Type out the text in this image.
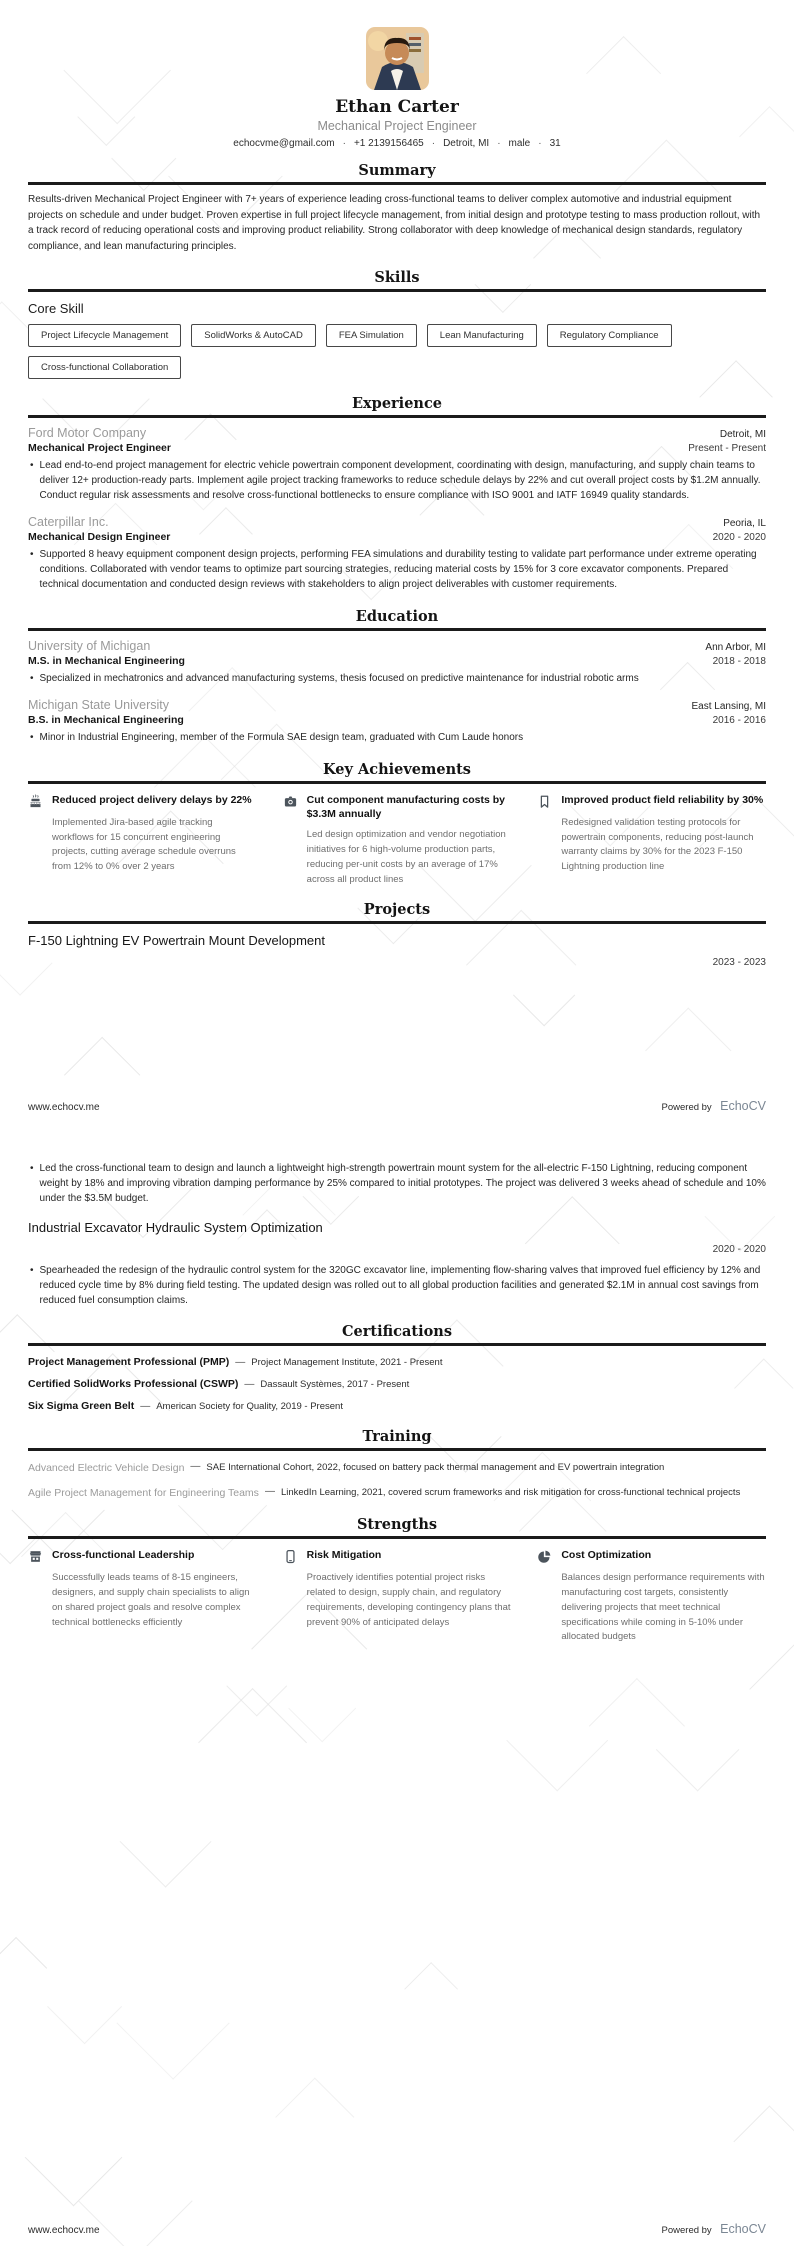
Ethan Carter
Mechanical Project Engineer
echocvme@gmail.com · +1 2139156465 · Detroit, MI · male · 31
Summary

Results-driven Mechanical Project Engineer with 7+ years of experience leading cross-functional teams to deliver complex automotive and industrial equipment projects on schedule and under budget. Proven expertise in full project lifecycle management, from initial design and prototype testing to mass production rollout, with a track record of reducing operational costs and improving product reliability. Strong collaborator with deep knowledge of mechanical design standards, regulatory compliance, and lean manufacturing principles.

Skills
Core Skill
Project Lifecycle Management	SolidWorks & AutoCAD	FEA Simulation	Lean Manufacturing	Regulatory Compliance
Cross-functional Collaboration
Experience
Ford Motor Company	Detroit, MI
Mechanical Project Engineer	Present - Present
• Lead end-to-end project management for electric vehicle powertrain component development, coordinating with design, manufacturing, and supply chain teams to deliver 12+ production-ready parts. Implement agile project tracking frameworks to reduce schedule delays by 22% and cut overall project costs by $1.2M annually. Conduct regular risk assessments and resolve cross-functional bottlenecks to ensure compliance with ISO 9001 and IATF 16949 quality standards.
Caterpillar Inc.	Peoria, IL
Mechanical Design Engineer	2020 - 2020
• Supported 8 heavy equipment component design projects, performing FEA simulations and durability testing to validate part performance under extreme operating conditions. Collaborated with vendor teams to optimize part sourcing strategies, reducing material costs by 15% for 3 core excavator components. Prepared technical documentation and conducted design reviews with stakeholders to align project deliverables with customer requirements.
Education
University of Michigan	Ann Arbor, MI
M.S. in Mechanical Engineering	2018 - 2018
• Specialized in mechatronics and advanced manufacturing systems, thesis focused on predictive maintenance for industrial robotic arms
Michigan State University	East Lansing, MI
B.S. in Mechanical Engineering	2016 - 2016
• Minor in Industrial Engineering, member of the Formula SAE design team, graduated with Cum Laude honors
Key Achievements
Reduced project delivery delays by 22%
Implemented Jira-based agile tracking workflows for 15 concurrent engineering projects, cutting average schedule overruns from 12% to 0% over 2 years
Cut component manufacturing costs by $3.3M annually
Led design optimization and vendor negotiation initiatives for 6 high-volume production parts, reducing per-unit costs by an average of 17% across all product lines
Improved product field reliability by 30%
Redesigned validation testing protocols for powertrain components, reducing post-launch warranty claims by 30% for the 2023 F-150 Lightning production line
Projects
F-150 Lightning EV Powertrain Mount Development
2023 - 2023
www.echocv.me	Powered by EchoCV
• Led the cross-functional team to design and launch a lightweight high-strength powertrain mount system for the all-electric F-150 Lightning, reducing component weight by 18% and improving vibration damping performance by 25% compared to initial prototypes. The project was delivered 3 weeks ahead of schedule and 10% under the $3.5M budget.
Industrial Excavator Hydraulic System Optimization
2020 - 2020
• Spearheaded the redesign of the hydraulic control system for the 320GC excavator line, implementing flow-sharing valves that improved fuel efficiency by 12% and reduced cycle time by 8% during field testing. The updated design was rolled out to all global production facilities and generated $2.1M in annual cost savings from reduced fuel consumption claims.
Certifications
Project Management Professional (PMP) — Project Management Institute, 2021 - Present
Certified SolidWorks Professional (CSWP) — Dassault Systèmes, 2017 - Present
Six Sigma Green Belt — American Society for Quality, 2019 - Present
Training
Advanced Electric Vehicle Design — SAE International Cohort, 2022, focused on battery pack thermal management and EV powertrain integration
Agile Project Management for Engineering Teams — LinkedIn Learning, 2021, covered scrum frameworks and risk mitigation for cross-functional technical projects
Strengths
Cross-functional Leadership
Successfully leads teams of 8-15 engineers, designers, and supply chain specialists to align on shared project goals and resolve complex technical bottlenecks efficiently
Risk Mitigation
Proactively identifies potential project risks related to design, supply chain, and regulatory requirements, developing contingency plans that prevent 90% of anticipated delays
Cost Optimization
Balances design performance requirements with manufacturing cost targets, consistently delivering projects that meet technical specifications while coming in 5-10% under allocated budgets
www.echocv.me	Powered by EchoCV
